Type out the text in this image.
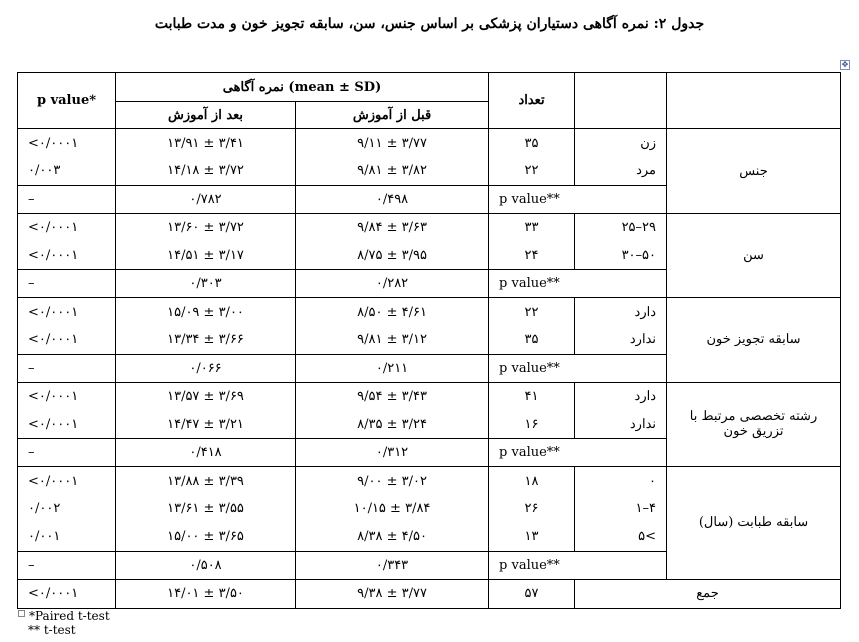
جدول ۲: نمره آگاهی دستیاران پزشکی بر اساس جنس، سن، سابقه تجویز خون و مدت طبابت
✥
		تعداد	نمره آگاهی (mean ± SD)		p value*
			قبل از آموزش	بعد از آموزش	
جنس	زن	۳۵	۹/۱۱ ± ۳/۷۷	۱۳/۹۱ ± ۳/۴۱	<۰/۰۰۰۱
	مرد	۲۲	۹/۸۱ ± ۳/۸۲	۱۴/۱۸ ± ۳/۷۲	۰/۰۰۳
	p value**		۰/۴۹۸	۰/۷۸۲	–
سن	۲۹–۲۵	۳۳	۹/۸۴ ± ۳/۶۳	۱۳/۶۰ ± ۳/۷۲	<۰/۰۰۰۱
	۵۰–۳۰	۲۴	۸/۷۵ ± ۳/۹۵	۱۴/۵۱ ± ۳/۱۷	<۰/۰۰۰۱
	p value**		۰/۲۸۲	۰/۳۰۳	–
سابقه تجویز خون	دارد	۲۲	۸/۵۰ ± ۴/۶۱	۱۵/۰۹ ± ۳/۰۰	<۰/۰۰۰۱
	ندارد	۳۵	۹/۸۱ ± ۳/۱۲	۱۳/۳۴ ± ۳/۶۶	<۰/۰۰۰۱
	p value**		۰/۲۱۱	۰/۰۶۶	–
رشته تخصصی مرتبط با تزریق خون	دارد	۴۱	۹/۵۴ ± ۳/۴۳	۱۳/۵۷ ± ۳/۶۹	<۰/۰۰۰۱
	ندارد	۱۶	۸/۳۵ ± ۳/۲۴	۱۴/۴۷ ± ۳/۲۱	<۰/۰۰۰۱
	p value**		۰/۳۱۲	۰/۴۱۸	–
سابقه طبابت (سال)	۰	۱۸	۹/۰۰ ± ۳/۰۲	۱۳/۸۸ ± ۳/۳۹	<۰/۰۰۰۱
	۴–۱	۲۶	۱۰/۱۵ ± ۳/۸۴	۱۳/۶۱ ± ۳/۵۵	۰/۰۰۲
	>۵	۱۳	۸/۳۸ ± ۴/۵۰	۱۵/۰۰ ± ۳/۶۵	۰/۰۰۱
	p value**		۰/۳۴۳	۰/۵۰۸	–
جمع		۵۷	۹/۳۸ ± ۳/۷۷	۱۴/۰۱ ± ۳/۵۰	<۰/۰۰۰۱
*Paired t-test
** t-test
